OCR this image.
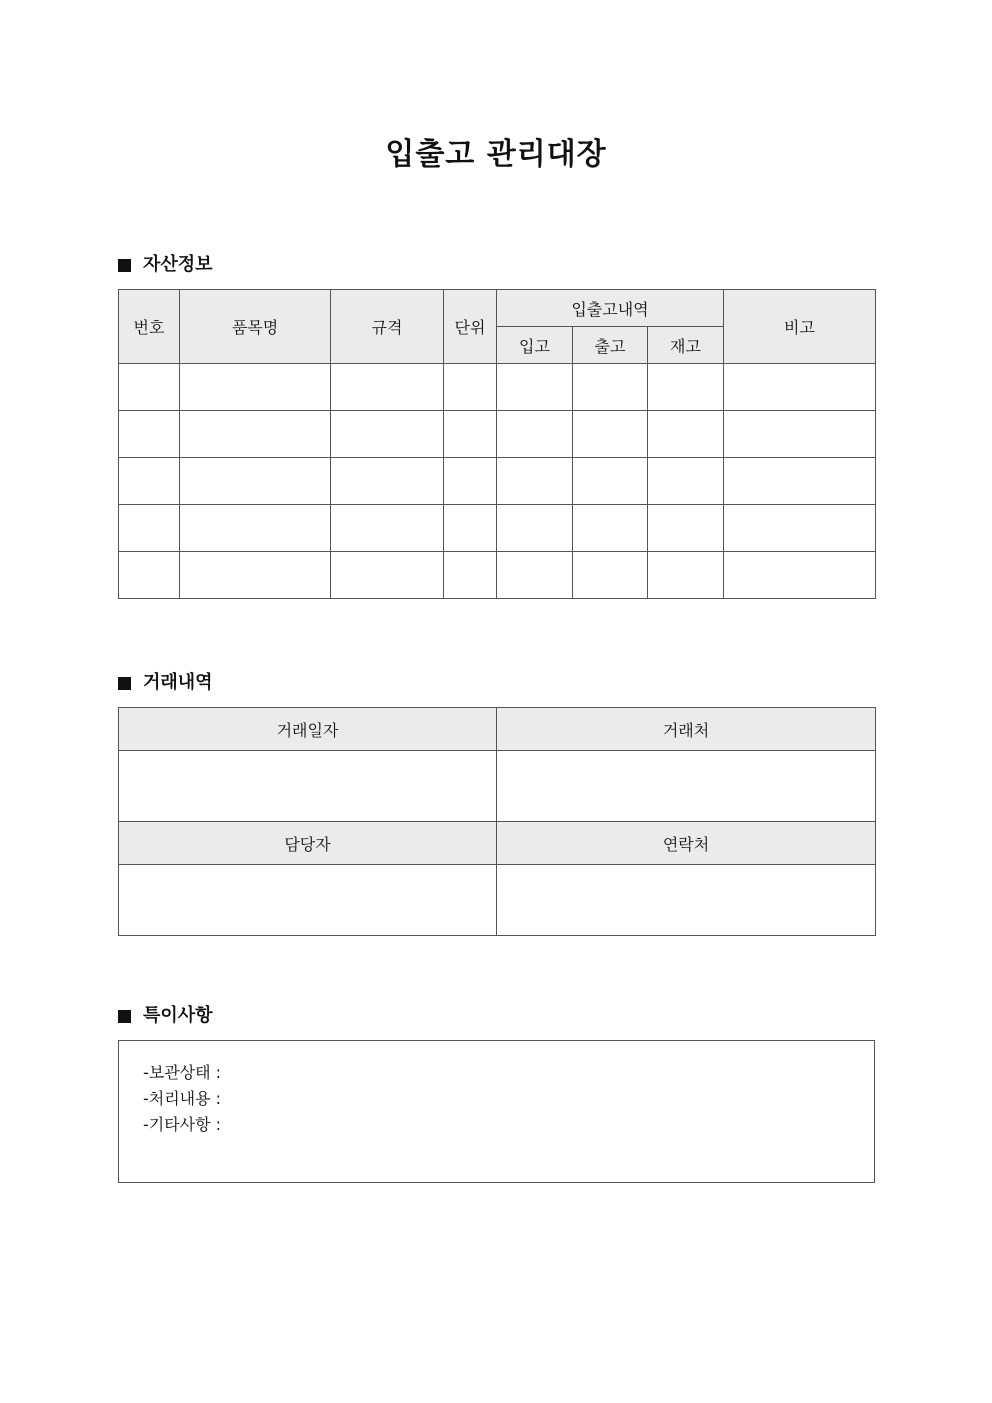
입출고 관리대장
자산정보
번호	품목명	규격	단위	입출고내역			비고
				입고	출고	재고	

거래내역
거래일자	거래처

담당자	연락처

특이사항
-보관상태 :
-처리내용 :
-기타사항 :
